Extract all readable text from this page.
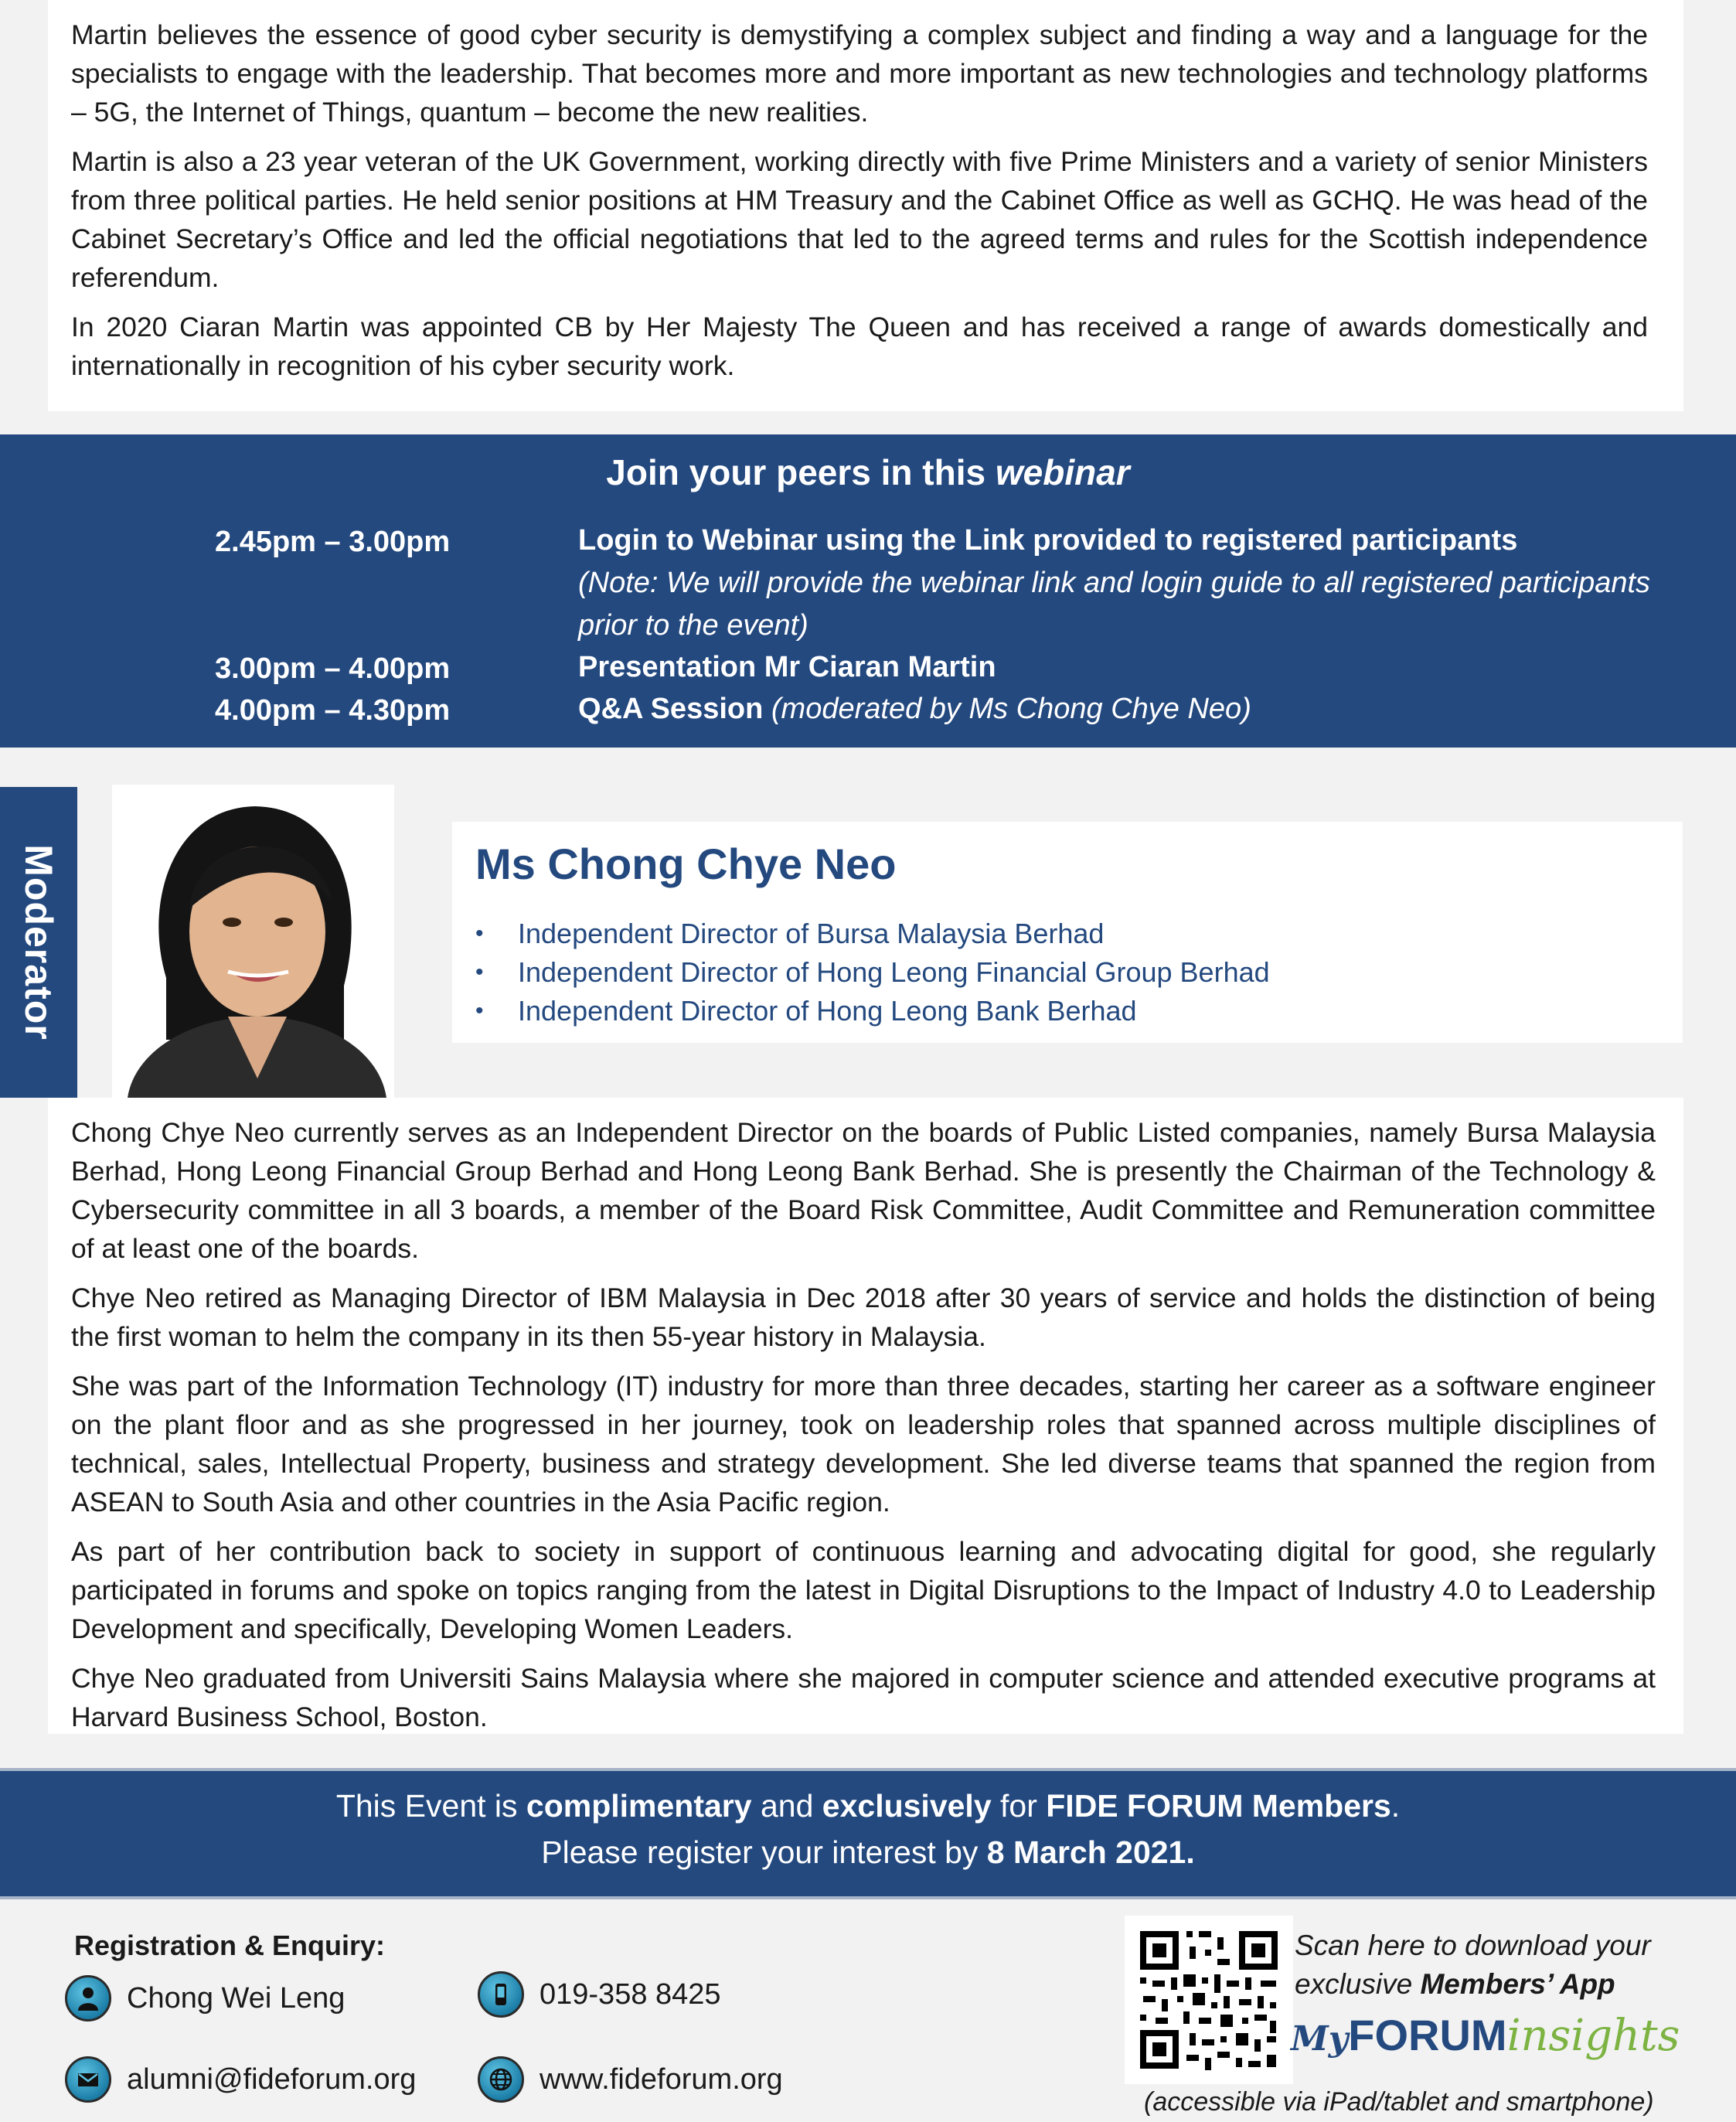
Martin believes the essence of good cyber security is demystifying a complex subject and finding a way and a language for the specialists to engage with the leadership. That becomes more and more important as new technologies and technology platforms – 5G, the Internet of Things, quantum – become the new realities.

Martin is also a 23 year veteran of the UK Government, working directly with five Prime Ministers and a variety of senior Ministers from three political parties. He held senior positions at HM Treasury and the Cabinet Office as well as GCHQ. He was head of the Cabinet Secretary’s Office and led the official negotiations that led to the agreed terms and rules for the Scottish independence referendum.

In 2020 Ciaran Martin was appointed CB by Her Majesty The Queen and has received a range of awards domestically and internationally in recognition of his cyber security work.

Join your peers in this webinar
2.45pm – 3.00pm	Login to Webinar using the Link provided to registered participants
(Note: We will provide the webinar link and login guide to all registered participants prior to the event)
3.00pm – 4.00pm	Presentation Mr Ciaran Martin
4.00pm – 4.30pm	Q&A Session (moderated by Ms Chong Chye Neo)
Moderator	Ms Chong Chye Neo
• Independent Director of Bursa Malaysia Berhad
• Independent Director of Hong Leong Financial Group Berhad
• Independent Director of Hong Leong Bank Berhad

Chong Chye Neo currently serves as an Independent Director on the boards of Public Listed companies, namely Bursa Malaysia Berhad, Hong Leong Financial Group Berhad and Hong Leong Bank Berhad. She is presently the Chairman of the Technology & Cybersecurity committee in all 3 boards, a member of the Board Risk Committee, Audit Committee and Remuneration committee of at least one of the boards.

Chye Neo retired as Managing Director of IBM Malaysia in Dec 2018 after 30 years of service and holds the distinction of being the first woman to helm the company in its then 55-year history in Malaysia.

She was part of the Information Technology (IT) industry for more than three decades, starting her career as a software engineer on the plant floor and as she progressed in her journey, took on leadership roles that spanned across multiple disciplines of technical, sales, Intellectual Property, business and strategy development. She led diverse teams that spanned the region from ASEAN to South Asia and other countries in the Asia Pacific region.

As part of her contribution back to society in support of continuous learning and advocating digital for good, she regularly participated in forums and spoke on topics ranging from the latest in Digital Disruptions to the Impact of Industry 4.0 to Leadership Development and specifically, Developing Women Leaders.

Chye Neo graduated from Universiti Sains Malaysia where she majored in computer science and attended executive programs at Harvard Business School, Boston.

This Event is complimentary and exclusively for FIDE FORUM Members.
Please register your interest by 8 March 2021.
Registration & Enquiry:
Chong Wei Leng	019-358 8425
alumni@fideforum.org	www.fideforum.org
Scan here to download your
exclusive Members’ App
MyFORUMinsights
(accessible via iPad/tablet and smartphone)
